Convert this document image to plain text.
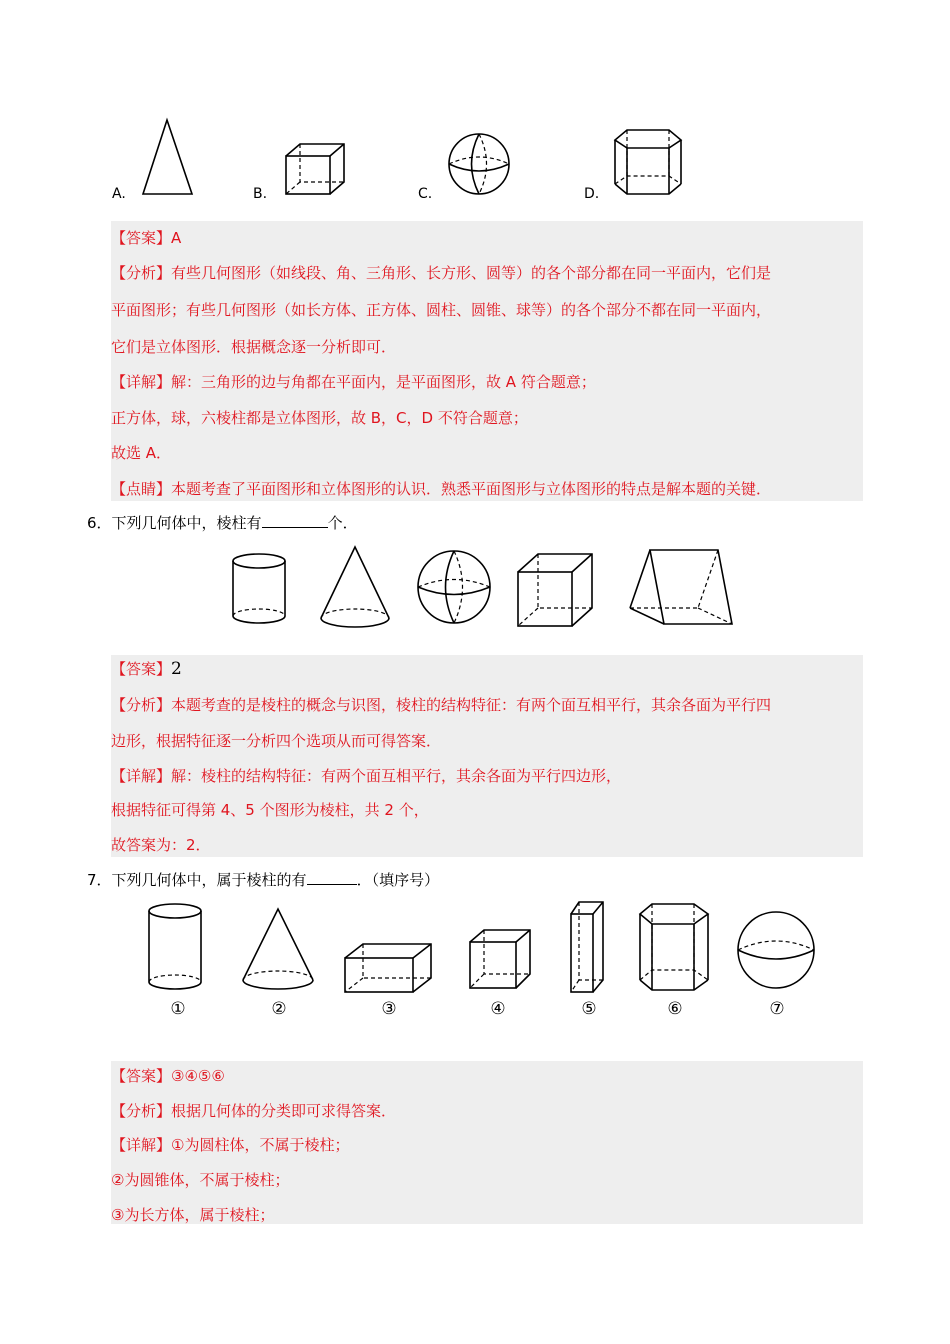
A.	B.	C.	D.
【答案】A
【分析】有些几何图形（如线段、角、三角形、长方形、圆等）的各个部分都在同一平面内，它们是
平面图形；有些几何图形（如长方体、正方体、圆柱、圆锥、球等）的各个部分不都在同一平面内，
它们是立体图形．根据概念逐一分析即可．
【详解】解：三角形的边与角都在平面内，是平面图形，故 A 符合题意；
正方体，球，六棱柱都是立体图形，故 B，C，D 不符合题意；
故选 A．
【点睛】本题考查了平面图形和立体图形的认识．熟悉平面图形与立体图形的特点是解本题的关键．
6．下列几何体中，棱柱有	个．
【答案】2
【分析】本题考查的是棱柱的概念与识图，棱柱的结构特征：有两个面互相平行，其余各面为平行四
边形，根据特征逐一分析四个选项从而可得答案．
【详解】解：棱柱的结构特征：有两个面互相平行，其余各面为平行四边形，
根据特征可得第 4、5 个图形为棱柱，共 2 个，
故答案为：2．
7．下列几何体中，属于棱柱的有	．（填序号）
①	②	③	④	⑤	⑥	⑦
【答案】③④⑤⑥
【分析】根据几何体的分类即可求得答案．
【详解】①为圆柱体，不属于棱柱；
②为圆锥体，不属于棱柱；
③为长方体，属于棱柱；
